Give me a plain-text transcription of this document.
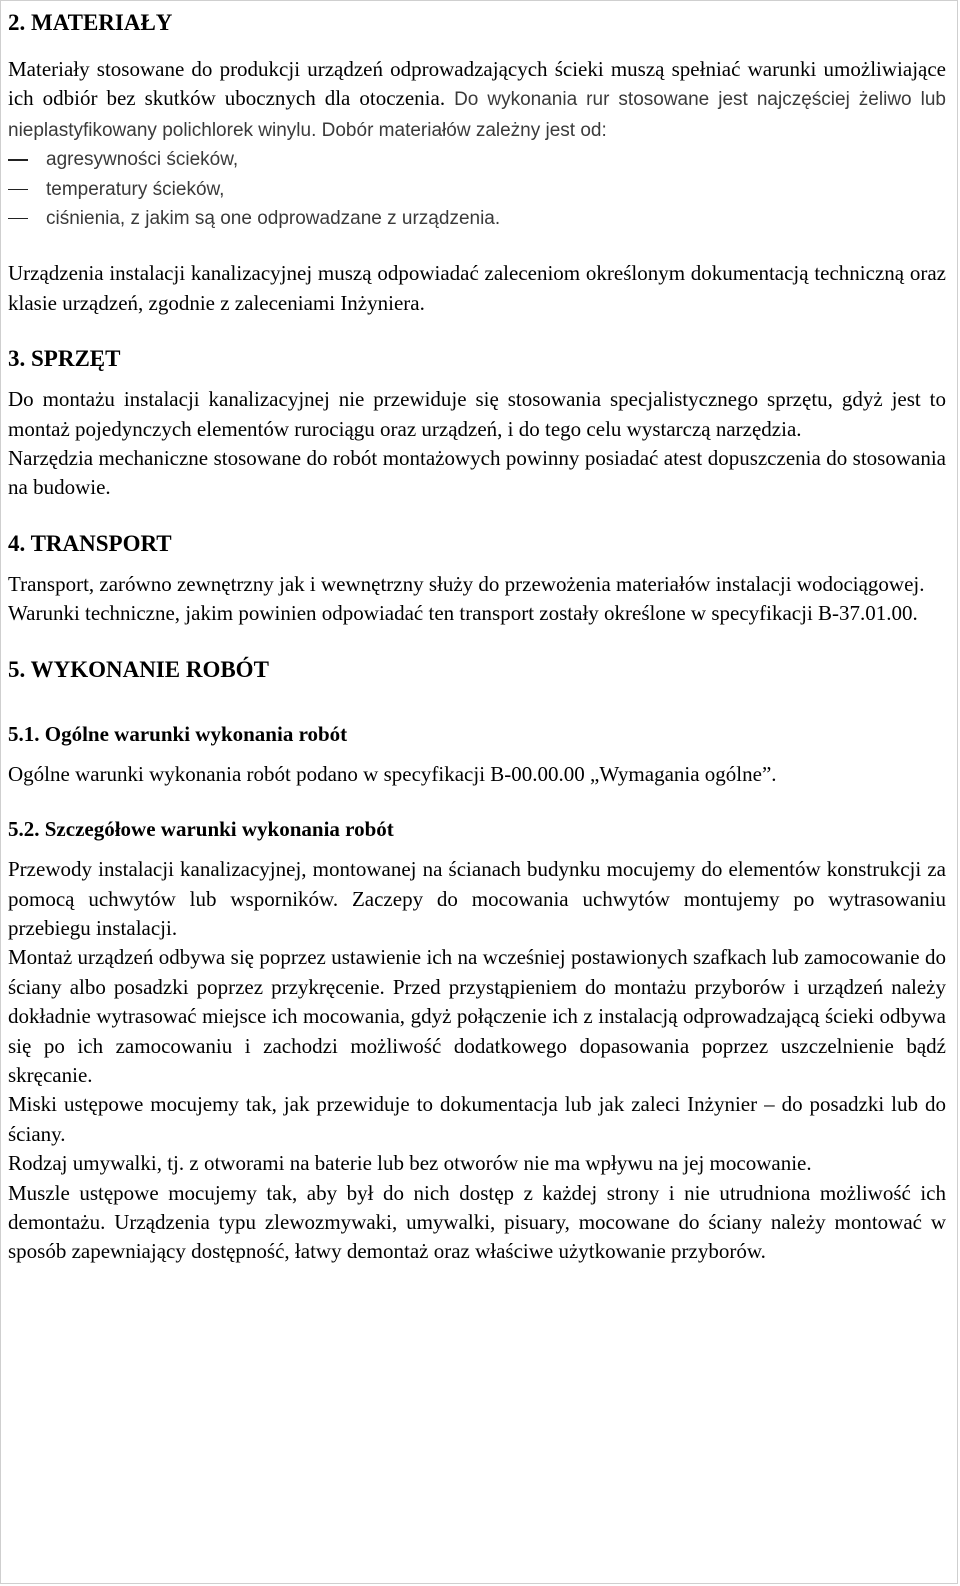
2. MATERIAŁY

Materiały stosowane do produkcji urządzeń odprowadzających ścieki muszą spełniać warunki umożliwiające ich odbiór bez skutków ubocznych dla otoczenia. Do wykonania rur stosowane jest najczęściej żeliwo lub nieplastyfikowany polichlorek winylu. Dobór materiałów zależny jest od:

agresywności ścieków,
temperatury ścieków,
ciśnienia, z jakim są one odprowadzane z urządzenia.

Urządzenia instalacji kanalizacyjnej muszą odpowiadać zaleceniom określonym dokumentacją techniczną oraz klasie urządzeń, zgodnie z zaleceniami Inżyniera.

3. SPRZĘT

Do montażu instalacji kanalizacyjnej nie przewiduje się stosowania specjalistycznego sprzętu, gdyż jest to montaż pojedynczych elementów rurociągu oraz urządzeń, i do tego celu wystarczą narzędzia.

Narzędzia mechaniczne stosowane do robót montażowych powinny posiadać atest dopuszczenia do stosowania na budowie.

4. TRANSPORT

Transport, zarówno zewnętrzny jak i wewnętrzny służy do przewożenia materiałów instalacji wodociągowej.

Warunki techniczne, jakim powinien odpowiadać ten transport zostały określone w specyfikacji B-37.01.00.

5. WYKONANIE ROBÓT
5.1. Ogólne warunki wykonania robót

Ogólne warunki wykonania robót podano w specyfikacji B-00.00.00 „Wymagania ogólne”.

5.2. Szczegółowe warunki wykonania robót

Przewody instalacji kanalizacyjnej, montowanej na ścianach budynku mocujemy do elementów konstrukcji za pomocą uchwytów lub wsporników. Zaczepy do mocowania uchwytów montujemy po wytrasowaniu przebiegu instalacji.

Montaż urządzeń odbywa się poprzez ustawienie ich na wcześniej postawionych szafkach lub zamocowanie do ściany albo posadzki poprzez przykręcenie. Przed przystąpieniem do montażu przyborów i urządzeń należy dokładnie wytrasować miejsce ich mocowania, gdyż połączenie ich z instalacją odprowadzającą ścieki odbywa się po ich zamocowaniu i zachodzi możliwość dodatkowego dopasowania poprzez uszczelnienie bądź skręcanie.

Miski ustępowe mocujemy tak, jak przewiduje to dokumentacja lub jak zaleci Inżynier – do posadzki lub do ściany.

Rodzaj umywalki, tj. z otworami na baterie lub bez otworów nie ma wpływu na jej mocowanie.

Muszle ustępowe mocujemy tak, aby był do nich dostęp z każdej strony i nie utrudniona możliwość ich demontażu. Urządzenia typu zlewozmywaki, umywalki, pisuary, mocowane do ściany należy montować w sposób zapewniający dostępność, łatwy demontaż oraz właściwe użytkowanie przyborów.
